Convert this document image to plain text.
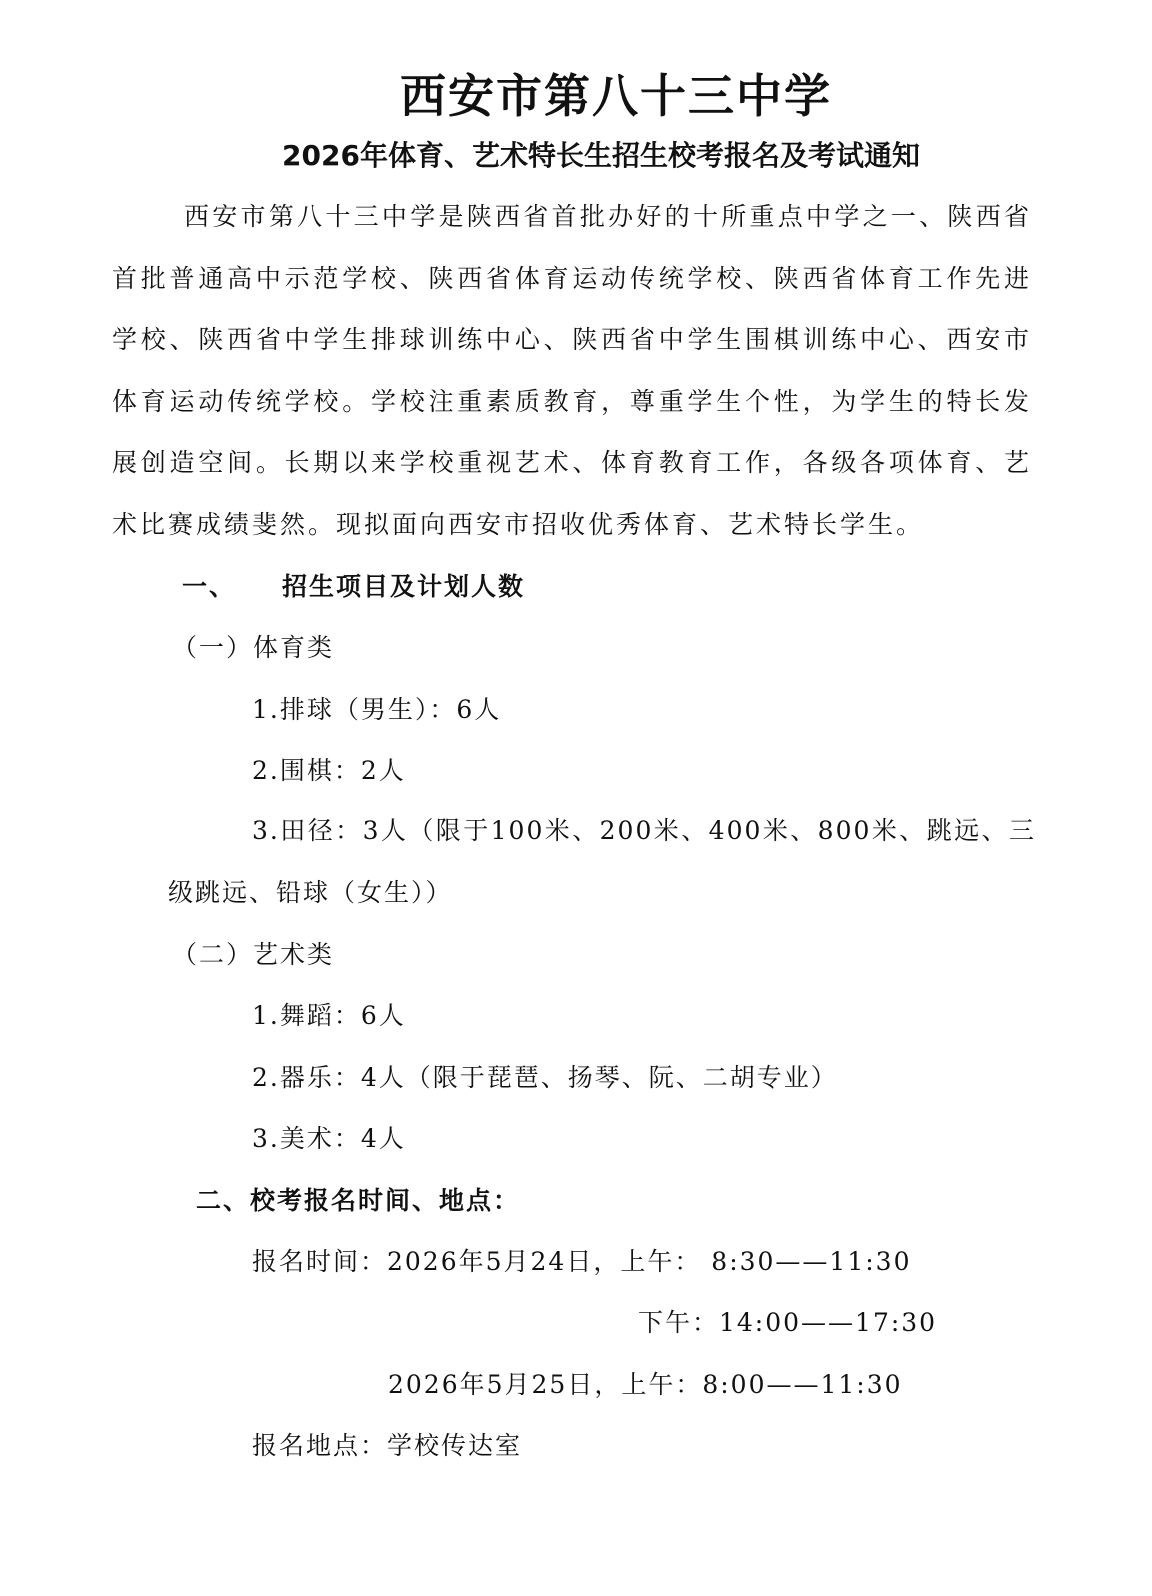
西安市第八十三中学
2026年体育、艺术特长生招生校考报名及考试通知

西安市第八十三中学是陕西省首批办好的十所重点中学之一、陕西省首批普通高中示范学校、陕西省体育运动传统学校、陕西省体育工作先进学校、陕西省中学生排球训练中心、陕西省中学生围棋训练中心、西安市体育运动传统学校。学校注重素质教育，尊重学生个性，为学生的特长发展创造空间。长期以来学校重视艺术、体育教育工作，各级各项体育、艺术比赛成绩斐然。现拟面向西安市招收优秀体育、艺术特长学生。

一、 招生项目及计划人数
（一）体育类
1.排球（男生）：6人
2.围棋：2人

3.田径：3人（限于100米、200米、400米、800米、跳远、三级跳远、铅球（女生））

（二）艺术类
1.舞蹈：6人
2.器乐：4人（限于琵琶、扬琴、阮、二胡专业）
3.美术：4人
二、校考报名时间、地点：
报名时间：2026年5月24日，上午： 8:30——11:30
下午：14:00——17:30
2026年5月25日，上午：8:00——11:30
报名地点：学校传达室
